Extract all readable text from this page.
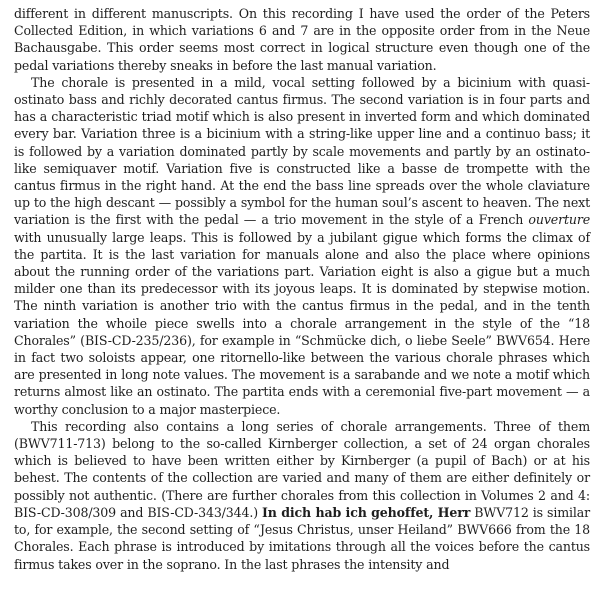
different in different manuscripts. On this recording I have used the order of the Peters Collected Edition, in which variations 6 and 7 are in the opposite order from in the Neue Bachausgabe. This order seems most correct in logical structure even though one of the pedal variations thereby sneaks in before the last manual variation.

The chorale is presented in a mild, vocal setting followed by a bicinium with quasi-ostinato bass and richly decorated cantus firmus. The second variation is in four parts and has a characteristic triad motif which is also present in inverted form and which dominated every bar. Variation three is a bicinium with a string-like upper line and a continuo bass; it is followed by a variation dominated partly by scale movements and partly by an ostinato-like semiquaver motif. Variation five is constructed like a basse de trompette with the cantus firmus in the right hand. At the end the bass line spreads over the whole claviature up to the high descant — possibly a symbol for the human soul’s ascent to heaven. The next variation is the first with the pedal — a trio movement in the style of a French ouverture with unusually large leaps. This is followed by a jubilant gigue which forms the climax of the partita. It is the last variation for manuals alone and also the place where opinions about the running order of the variations part. Variation eight is also a gigue but a much milder one than its predecessor with its joyous leaps. It is dominated by stepwise motion. The ninth variation is another trio with the cantus firmus in the pedal, and in the tenth variation the whoile piece swells into a chorale arrangement in the style of the “18 Chorales” (BIS-CD-235/236), for example in “Schmücke dich, o liebe Seele” BWV654. Here in fact two soloists appear, one ritornello-like between the various chorale phrases which are presented in long note values. The movement is a sarabande and we note a motif which returns almost like an ostinato. The partita ends with a ceremonial five-part movement — a worthy conclusion to a major masterpiece.

This recording also contains a long series of chorale arrangements. Three of them (BWV711-713) belong to the so-called Kirnberger collection, a set of 24 organ chorales which is believed to have been written either by Kirnberger (a pupil of Bach) or at his behest. The contents of the collection are varied and many of them are either definitely or possibly not authentic. (There are further chorales from this collection in Volumes 2 and 4: BIS-CD-308/309 and BIS-CD-343/344.) In dich hab ich gehoffet, Herr BWV712 is similar to, for example, the second setting of “Jesus Christus, unser Heiland” BWV666 from the 18 Chorales. Each phrase is introduced by imitations through all the voices before the cantus firmus takes over in the soprano. In the last phrases the intensity and
